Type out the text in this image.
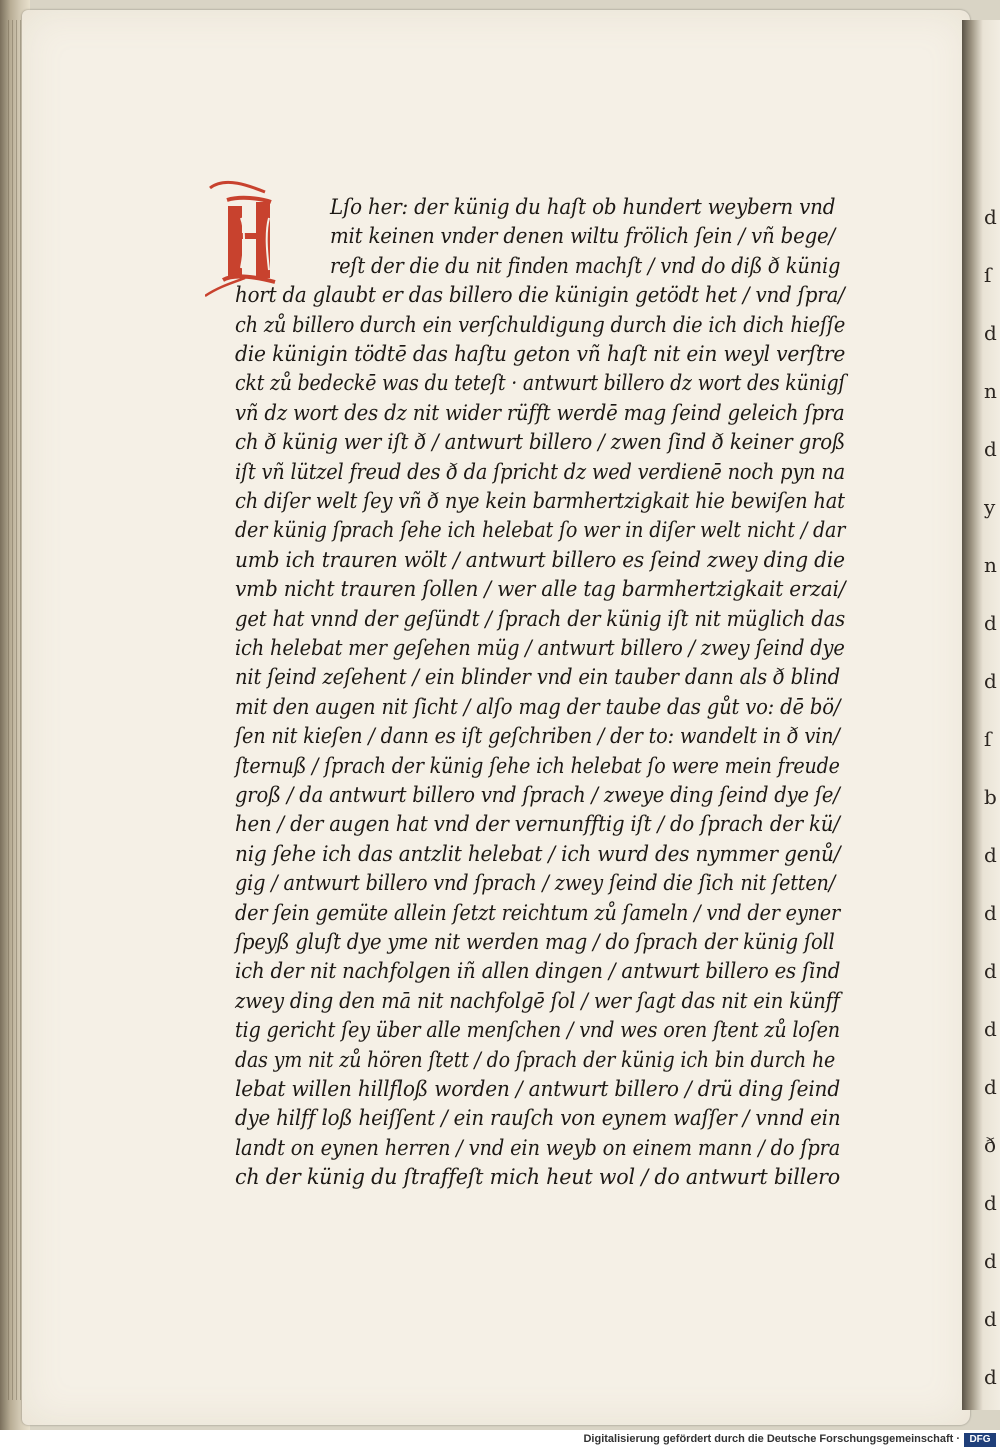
d
ſ
d
n
d
y
n
d
d
ſ
b
d
d
d
d
d
ð
d
d
d
d
A
Lſo her: der künig du haſt ob hundert weybern vnd
mit keinen vnder denen wiltu frölich ſein / vñ bege/
reſt der die du nit finden machſt / vnd do diß ð künig
hort da glaubt er das billero die künigin getödt het / vnd ſpra/
ch zů billero durch ein verſchuldigung durch die ich dich hieſſe
die künigin tödtē das haſtu geton vñ haſt nit ein weyl verſtre
ckt zů bedeckē was du teteſt · antwurt billero dz wort des künigſ
vñ dz wort des dz nit wider rüfft werdē mag ſeind geleich ſpra
ch ð künig wer iſt ð / antwurt billero / zwen ſind ð keiner groß
iſt vñ lützel freud des ð da ſpricht dz wed verdienē noch pyn na
ch diſer welt ſey vñ ð nye kein barmhertzigkait hie bewiſen hat
der künig ſprach ſehe ich helebat ſo wer in diſer welt nicht / dar
umb ich trauren wölt / antwurt billero es ſeind zwey ding die
vmb nicht trauren ſollen / wer alle tag barmhertzigkait erzai/
get hat vnnd der geſündt / ſprach der künig iſt nit müglich das
ich helebat mer geſehen müg / antwurt billero / zwey ſeind dye
nit ſeind zeſehent / ein blinder vnd ein tauber dann als ð blind
mit den augen nit ſicht / alſo mag der taube das gůt vo: dē bö/
ſen nit kieſen / dann es iſt geſchriben / der to: wandelt in ð vin/
ſternuß / ſprach der künig ſehe ich helebat ſo were mein freude
groß / da antwurt billero vnd ſprach / zweye ding ſeind dye ſe/
hen / der augen hat vnd der vernunfftig iſt / do ſprach der kü/
nig ſehe ich das antzlit helebat / ich wurd des nymmer genů/
gig / antwurt billero vnd ſprach / zwey ſeind die ſich nit ſetten/
der ſein gemüte allein ſetzt reichtum zů ſameln / vnd der eyner
ſpeyß gluſt dye yme nit werden mag / do ſprach der künig ſoll
ich der nit nachfolgen iñ allen dingen / antwurt billero es ſind
zwey ding den mā nit nachfolgē ſol / wer ſagt das nit ein künff
tig gericht ſey über alle menſchen / vnd wes oren ſtent zů loſen
das ym nit zů hören ſtett / do ſprach der künig ich bin durch he
lebat willen hillfloß worden / antwurt billero / drü ding ſeind
dye hilff loß heiſſent / ein rauſch von eynem waſſer / vnnd ein
landt on eynen herren / vnd ein weyb on einem mann / do ſpra
ch der künig du ſtraffeſt mich heut wol / do antwurt billero
Digitalisierung gefördert durch die Deutsche Forschungsgemeinschaft · DFG
